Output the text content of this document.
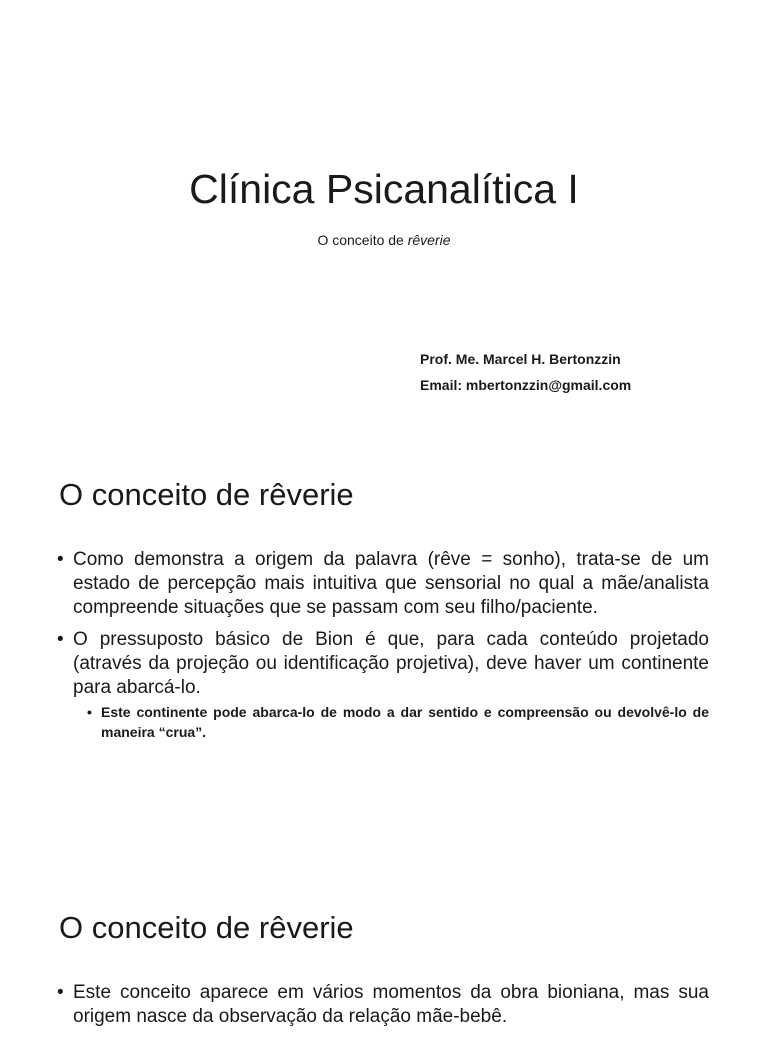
Clínica Psicanalítica I

O conceito de rêverie

Prof. Me. Marcel H. Bertonzzin
Email: mbertonzzin@gmail.com
O conceito de rêverie
• Como demonstra a origem da palavra (rêve = sonho), trata-se de um estado de percepção mais intuitiva que sensorial no qual a mãe/analista compreende situações que se passam com seu filho/paciente.
• O pressuposto básico de Bion é que, para cada conteúdo projetado (através da projeção ou identificação projetiva), deve haver um continente para abarcá-lo.
• Este continente pode abarca-lo de modo a dar sentido e compreensão ou devolvê-lo de maneira “crua”.
O conceito de rêverie
• Este conceito aparece em vários momentos da obra bioniana, mas sua origem nasce da observação da relação mãe-bebê.
